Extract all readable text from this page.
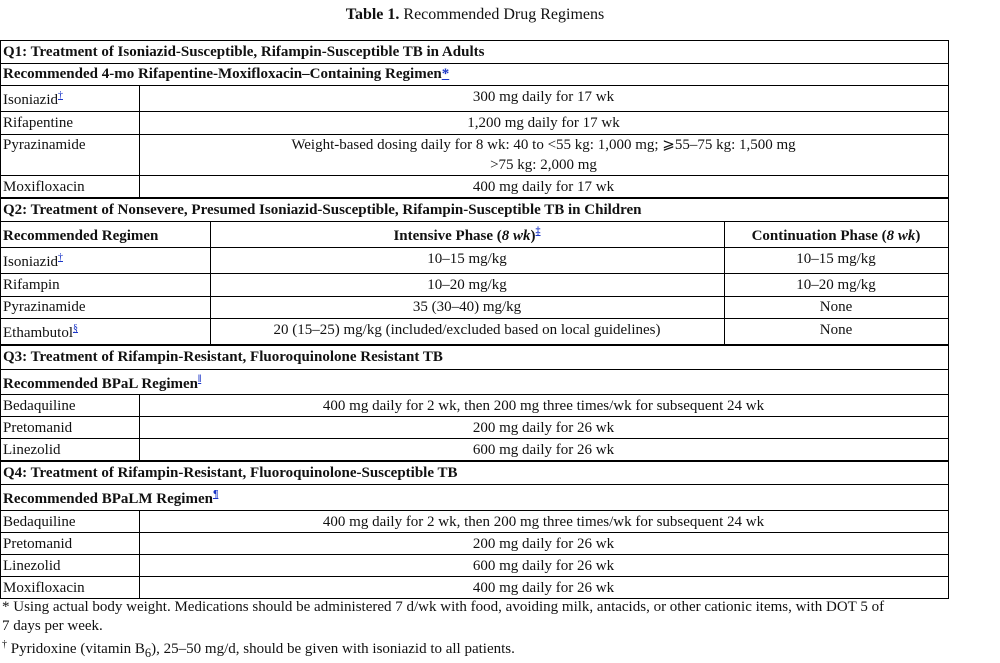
Table 1. Recommended Drug Regimens
Q1: Treatment of Isoniazid-Susceptible, Rifampin-Susceptible TB in Adults
Recommended 4-mo Rifapentine-Moxifloxacin–Containing Regimen*
Isoniazid†	300 mg daily for 17 wk
Rifapentine	1,200 mg daily for 17 wk
Pyrazinamide	Weight-based dosing daily for 8 wk: 40 to <55 kg: 1,000 mg; ⩾55–75 kg: 1,500 mg
>75 kg: 2,000 mg
Moxifloxacin	400 mg daily for 17 wk
Q2: Treatment of Nonsevere, Presumed Isoniazid-Susceptible, Rifampin-Susceptible TB in Children
Recommended Regimen	Intensive Phase (8 wk)‡	Continuation Phase (8 wk)
Isoniazid†	10–15 mg/kg	10–15 mg/kg
Rifampin	10–20 mg/kg	10–20 mg/kg
Pyrazinamide	35 (30–40) mg/kg	None
Ethambutol§	20 (15–25) mg/kg (included/excluded based on local guidelines)	None
Q3: Treatment of Rifampin-Resistant, Fluoroquinolone Resistant TB
Recommended BPaL Regimen‖
Bedaquiline	400 mg daily for 2 wk, then 200 mg three times/wk for subsequent 24 wk
Pretomanid	200 mg daily for 26 wk
Linezolid	600 mg daily for 26 wk
Q4: Treatment of Rifampin-Resistant, Fluoroquinolone-Susceptible TB
Recommended BPaLM Regimen¶
Bedaquiline	400 mg daily for 2 wk, then 200 mg three times/wk for subsequent 24 wk
Pretomanid	200 mg daily for 26 wk
Linezolid	600 mg daily for 26 wk
Moxifloxacin	400 mg daily for 26 wk
* Using actual body weight. Medications should be administered 7 d/wk with food, avoiding milk, antacids, or other cationic items, with DOT 5 of
7 days per week.
† Pyridoxine (vitamin $B_6$), 25–50 mg/d, should be given with isoniazid to all patients.
